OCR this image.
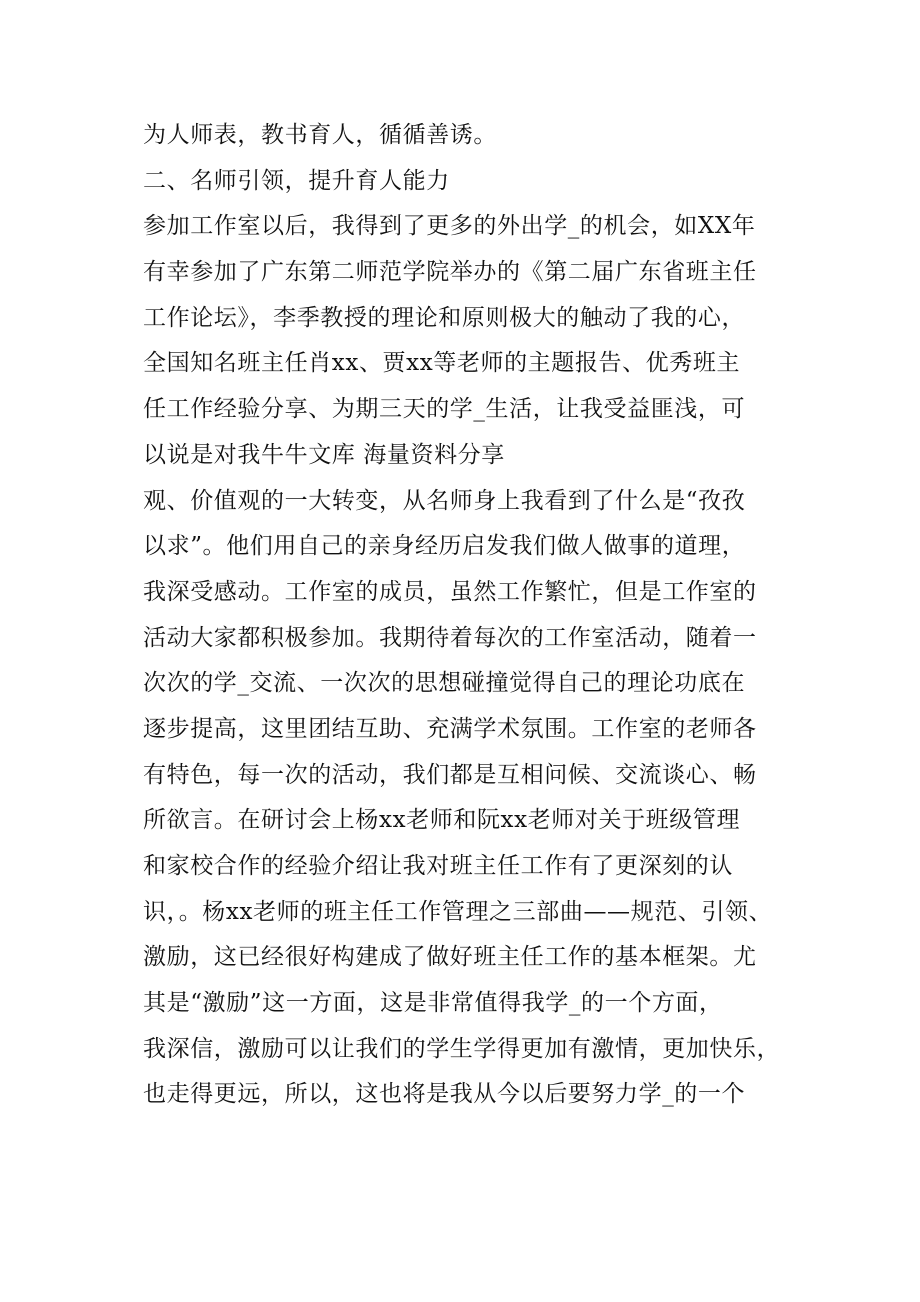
为人师表，教书育人，循循善诱。
二、名师引领，提升育人能力
参加工作室以后，我得到了更多的外出学_的机会，如XX年
有幸参加了广东第二师范学院举办的《第二届广东省班主任
工作论坛》，李季教授的理论和原则极大的触动了我的心，
全国知名班主任肖xx、贾xx等老师的主题报告、优秀班主
任工作经验分享、为期三天的学_生活，让我受益匪浅，可
以说是对我牛牛文库 海量资料分享
观、价值观的一大转变，从名师身上我看到了什么是“孜孜
以求”。他们用自己的亲身经历启发我们做人做事的道理，
我深受感动。工作室的成员，虽然工作繁忙，但是工作室的
活动大家都积极参加。我期待着每次的工作室活动，随着一
次次的学_交流、一次次的思想碰撞觉得自己的理论功底在
逐步提高，这里团结互助、充满学术氛围。工作室的老师各
有特色，每一次的活动，我们都是互相问候、交流谈心、畅
所欲言。在研讨会上杨xx老师和阮xx老师对关于班级管理
和家校合作的经验介绍让我对班主任工作有了更深刻的认
识，。杨xx老师的班主任工作管理之三部曲——规范、引领、
激励，这已经很好构建成了做好班主任工作的基本框架。尤
其是“激励”这一方面，这是非常值得我学_的一个方面，
我深信，激励可以让我们的学生学得更加有激情，更加快乐，
也走得更远，所以，这也将是我从今以后要努力学_的一个
